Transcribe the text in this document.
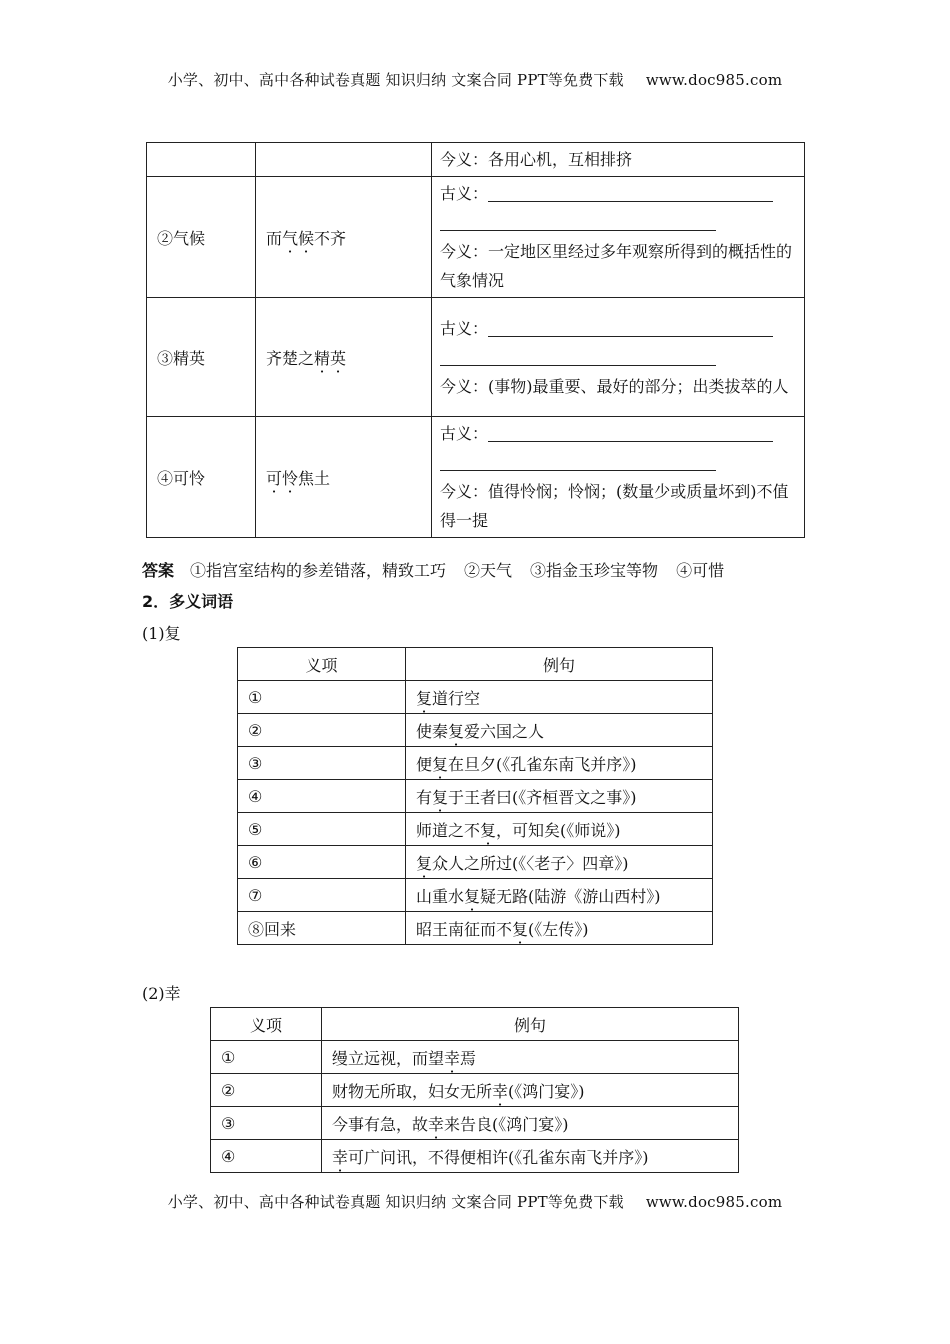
小学、初中、高中各种试卷真题 知识归纳 文案合同 PPT等免费下载 www.doc985.com
		今义：各用心机，互相排挤
②气候	而气候不齐	古义：
今义：一定地区里经过多年观察所得到的概括性的气象情况

③精英	齐楚之精英	古义：
今义：(事物)最重要、最好的部分；出类拔萃的人

④可怜	可怜焦土	古义：
今义：值得怜悯；怜悯；(数量少或质量坏到)不值得一提
答案 ①指宫室结构的参差错落，精致工巧 ②天气 ③指金玉珍宝等物 ④可惜
2．多义词语
(1)复
义项	例句
①	复道行空
②	使秦复爱六国之人
③	便复在旦夕(《孔雀东南飞并序》)
④	有复于王者曰(《齐桓晋文之事》)
⑤	师道之不复，可知矣(《师说》)
⑥	复众人之所过(《〈老子〉四章》)
⑦	山重水复疑无路(陆游《游山西村》)
⑧回来	昭王南征而不复(《左传》)
(2)幸
义项	例句
①	缦立远视，而望幸焉
②	财物无所取，妇女无所幸(《鸿门宴》)
③	今事有急，故幸来告良(《鸿门宴》)
④	幸可广问讯，不得便相许(《孔雀东南飞并序》)
小学、初中、高中各种试卷真题 知识归纳 文案合同 PPT等免费下载 www.doc985.com
